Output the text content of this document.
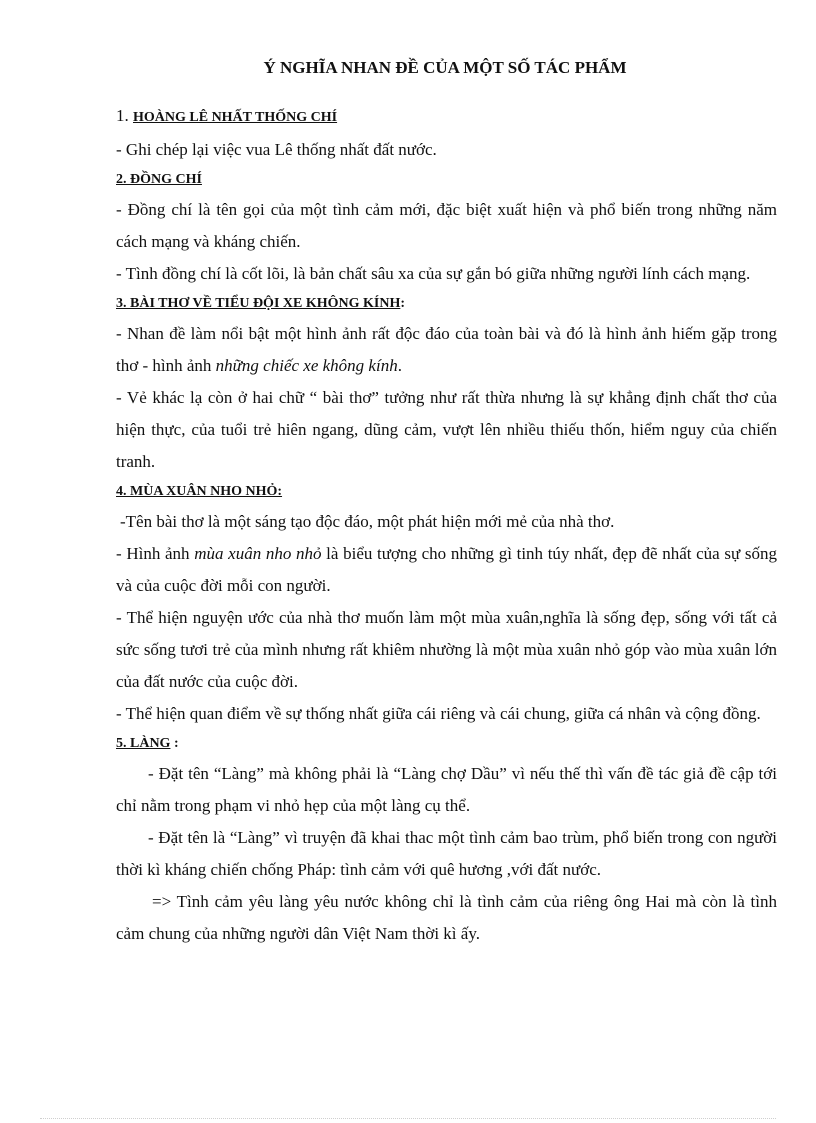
Ý NGHĨA NHAN ĐỀ CỦA MỘT SỐ TÁC PHẨM

1. HOÀNG LÊ NHẤT THỐNG CHÍ

- Ghi chép lại việc vua Lê thống nhất đất nước.

2. ĐỒNG CHÍ

- Đồng chí là tên gọi của một tình cảm mới, đặc biệt xuất hiện và phổ biến trong những năm cách mạng và kháng chiến.

- Tình đồng chí là cốt lõi, là bản chất sâu xa của sự gắn bó giữa những người lính cách mạng.

3. BÀI THƠ VỀ TIỂU ĐỘI XE KHÔNG KÍNH:

- Nhan đề làm nổi bật một hình ảnh rất độc đáo của toàn bài và đó là hình ảnh hiếm gặp trong thơ - hình ảnh những chiếc xe không kính.

- Vẻ khác lạ còn ở hai chữ “ bài thơ” tưởng như rất thừa nhưng là sự khẳng định chất thơ của hiện thực, của tuổi trẻ hiên ngang, dũng cảm, vượt lên nhiều thiếu thốn, hiểm nguy của chiến tranh.

4. MÙA XUÂN NHO NHỎ:

-Tên bài thơ là một sáng tạo độc đáo, một phát hiện mới mẻ của nhà thơ.

- Hình ảnh mùa xuân nho nhỏ là biểu tượng cho những gì tinh túy nhất, đẹp đẽ nhất của sự sống và của cuộc đời mỗi con người.

- Thể hiện nguyện ước của nhà thơ muốn làm một mùa xuân,nghĩa là sống đẹp, sống với tất cả sức sống tươi trẻ của mình nhưng rất khiêm nhường là một mùa xuân nhỏ góp vào mùa xuân lớn của đất nước của cuộc đời.

- Thể hiện quan điểm về sự thống nhất giữa cái riêng và cái chung, giữa cá nhân và cộng đồng.

5. LÀNG :

- Đặt tên “Làng” mà không phải là “Làng chợ Dầu” vì nếu thế thì vấn đề tác giả đề cập tới chỉ nằm trong phạm vi nhỏ hẹp của một làng cụ thể.

- Đặt tên là “Làng” vì truyện đã khai thac một tình cảm bao trùm, phổ biến trong con người thời kì kháng chiến chống Pháp: tình cảm với quê hương ,với đất nước.

=> Tình cảm yêu làng yêu nước không chỉ là tình cảm của riêng ông Hai mà còn là tình cảm chung của những người dân Việt Nam thời kì ấy.
